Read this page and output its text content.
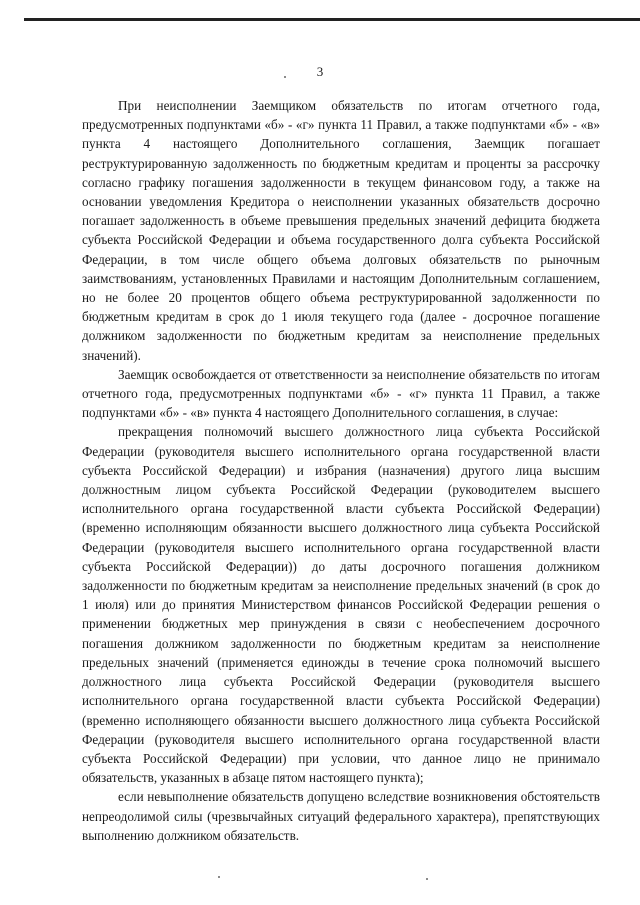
3

При неисполнении Заемщиком обязательств по итогам отчетного года, предусмотренных подпунктами «б» - «г» пункта 11 Правил, а также подпунктами «б» - «в» пункта 4 настоящего Дополнительного соглашения, Заемщик погашает реструктурированную задолженность по бюджетным кредитам и проценты за рассрочку согласно графику погашения задолженности в текущем финансовом году, а также на основании уведомления Кредитора о неисполнении указанных обязательств досрочно погашает задолженность в объеме превышения предельных значений дефицита бюджета субъекта Российской Федерации и объема государственного долга субъекта Российской Федерации, в том числе общего объема долговых обязательств по рыночным заимствованиям, установленных Правилами и настоящим Дополнительным соглашением, но не более 20 процентов общего объема реструктурированной задолженности по бюджетным кредитам в срок до 1 июля текущего года (далее - досрочное погашение должником задолженности по бюджетным кредитам за неисполнение предельных значений).

Заемщик освобождается от ответственности за неисполнение обязательств по итогам отчетного года, предусмотренных подпунктами «б» - «г» пункта 11 Правил, а также подпунктами «б» - «в» пункта 4 настоящего Дополнительного соглашения, в случае:

прекращения полномочий высшего должностного лица субъекта Российской Федерации (руководителя высшего исполнительного органа государственной власти субъекта Российской Федерации) и избрания (назначения) другого лица высшим должностным лицом субъекта Российской Федерации (руководителем высшего исполнительного органа государственной власти субъекта Российской Федерации) (временно исполняющим обязанности высшего должностного лица субъекта Российской Федерации (руководителя высшего исполнительного органа государственной власти субъекта Российской Федерации)) до даты досрочного погашения должником задолженности по бюджетным кредитам за неисполнение предельных значений (в срок до 1 июля) или до принятия Министерством финансов Российской Федерации решения о применении бюджетных мер принуждения в связи с необеспечением досрочного погашения должником задолженности по бюджетным кредитам за неисполнение предельных значений (применяется единожды в течение срока полномочий высшего должностного лица субъекта Российской Федерации (руководителя высшего исполнительного органа государственной власти субъекта Российской Федерации) (временно исполняющего обязанности высшего должностного лица субъекта Российской Федерации (руководителя высшего исполнительного органа государственной власти субъекта Российской Федерации) при условии, что данное лицо не принимало обязательств, указанных в абзаце пятом настоящего пункта);

если невыполнение обязательств допущено вследствие возникновения обстоятельств непреодолимой силы (чрезвычайных ситуаций федерального характера), препятствующих выполнению должником обязательств.
